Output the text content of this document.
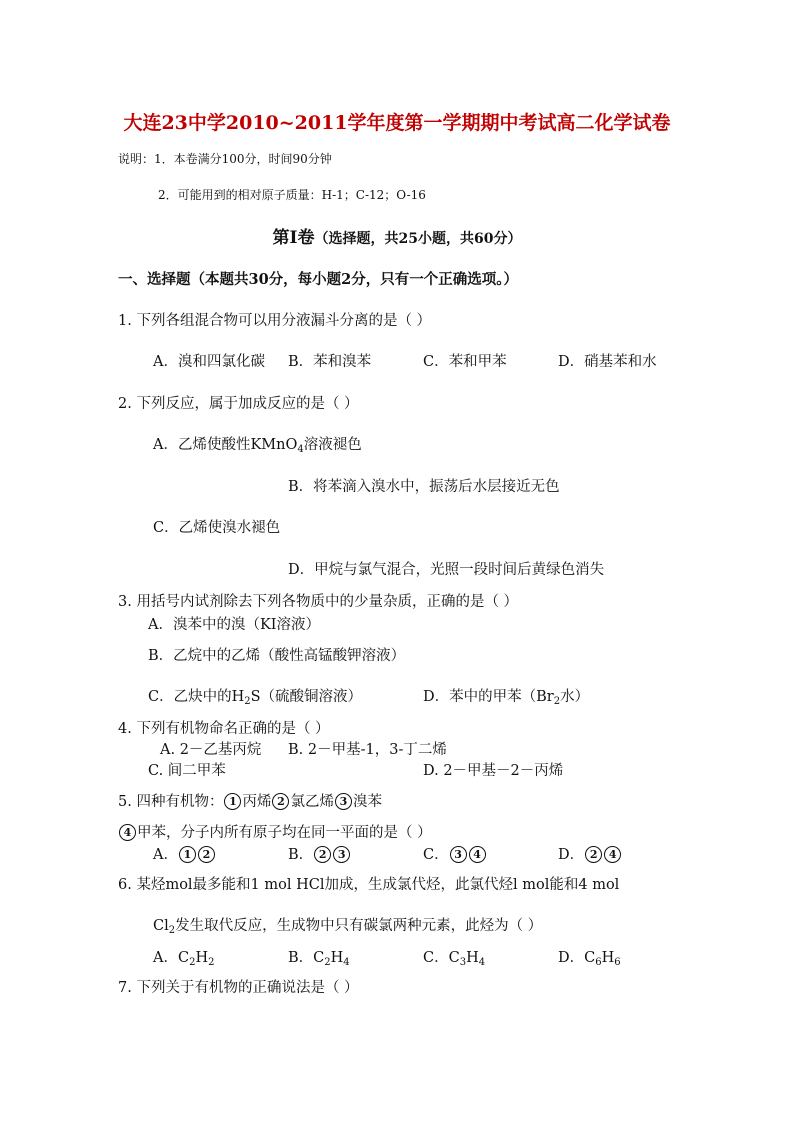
大连23中学2010~2011学年度第一学期期中考试高二化学试卷
说明：1．本卷满分100分，时间90分钟
2．可能用到的相对原子质量：H-1；C-12；O-16
第Ⅰ卷（选择题，共25小题，共60分）
一、选择题（本题共30分，每小题2分，只有一个正确选项。）
1. 下列各组混合物可以用分液漏斗分离的是（ ）
A．溴和四氯化碳 B．苯和溴苯	C．苯和甲苯	D．硝基苯和水
2. 下列反应，属于加成反应的是（ ）
A．乙烯使酸性KMnO$_4$溶液褪色
B．将苯滴入溴水中，振荡后水层接近无色
C．乙烯使溴水褪色
D．甲烷与氯气混合，光照一段时间后黄绿色消失
3. 用括号内试剂除去下列各物质中的少量杂质，正确的是（ ）
A．溴苯中的溴（KI溶液）
B．乙烷中的乙烯（酸性高锰酸钾溶液）
C．乙炔中的$H_2S$（硫酸铜溶液）	D．苯中的甲苯（$Br_2$水）
4. 下列有机物命名正确的是（ ）
A. 2－乙基丙烷 B. 2－甲基-1，3-丁二烯
C. 间二甲苯	D. 2－甲基－2－丙烯
5. 四种有机物： 1 丙烯 2 氯乙烯 3 溴苯
4 甲苯，分子内所有原子均在同一平面的是（ ）
A． 1 2	B． 2 3	C． 3 4	D． 2 4
6. 某烃mol最多能和1 mol HCl加成，生成氯代烃，此氯代烃l mol能和4 mol
$Cl_2$发生取代反应，生成物中只有碳氯两种元素，此烃为（ ）
A．$C_2H_2$	B．$C_2H_4$	C．$C_3H_4$	D．$C_6H_6$
7. 下列关于有机物的正确说法是（ ）
